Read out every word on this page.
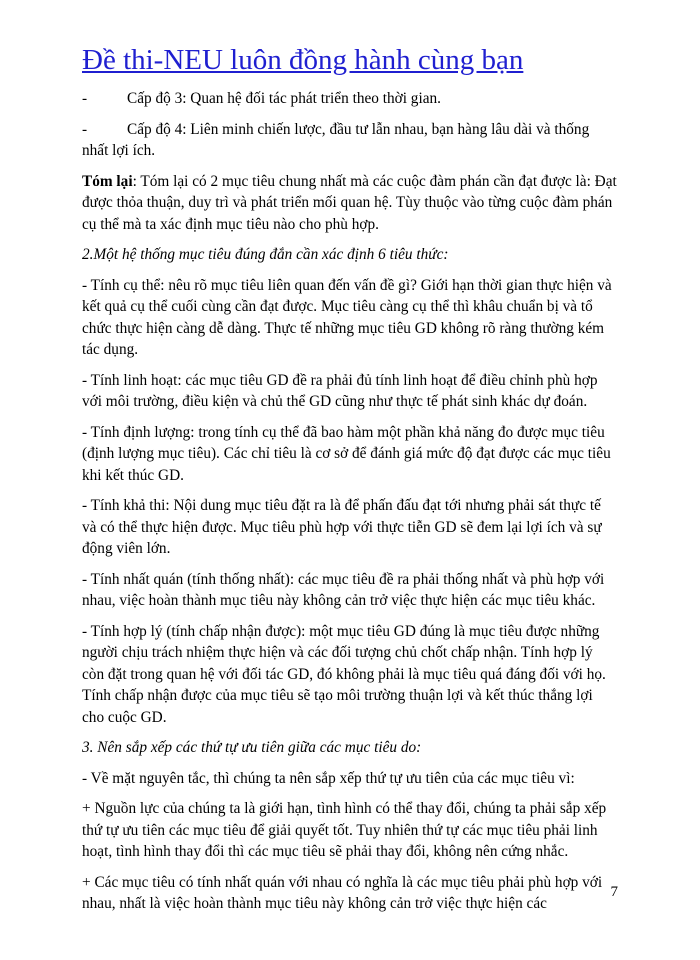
Đề thi-NEU luôn đồng hành cùng bạn

-	Cấp độ 3: Quan hệ đối tác phát triển theo thời gian.

-	Cấp độ 4: Liên minh chiến lược, đầu tư lẫn nhau, bạn hàng lâu dài và thống nhất lợi ích.

Tóm lại: Tóm lại có 2 mục tiêu chung nhất mà các cuộc đàm phán cần đạt được là: Đạt được thỏa thuận, duy trì và phát triển mối quan hệ. Tùy thuộc vào từng cuộc đàm phán cụ thể mà ta xác định mục tiêu nào cho phù hợp.

2.Một hệ thống mục tiêu đúng đắn cần xác định 6 tiêu thức:

- Tính cụ thể: nêu rõ mục tiêu liên quan đến vấn đề gì? Giới hạn thời gian thực hiện và kết quả cụ thể cuối cùng cần đạt được. Mục tiêu càng cụ thể thì khâu chuẩn bị và tổ chức thực hiện càng dễ dàng. Thực tế những mục tiêu GD không rõ ràng thường kém tác dụng.

- Tính linh hoạt: các mục tiêu GD đề ra phải đủ tính linh hoạt để điều chỉnh phù hợp với môi trường, điều kiện và chủ thể GD cũng như thực tế phát sinh khác dự đoán.

- Tính định lượng: trong tính cụ thể đã bao hàm một phần khả năng đo được mục tiêu (định lượng mục tiêu). Các chỉ tiêu là cơ sở để đánh giá mức độ đạt được các mục tiêu khi kết thúc GD.

- Tính khả thi: Nội dung mục tiêu đặt ra là để phấn đấu đạt tới nhưng phải sát thực tế và có thể thực hiện được. Mục tiêu phù hợp với thực tiễn GD sẽ đem lại lợi ích và sự động viên lớn.

- Tính nhất quán (tính thống nhất): các mục tiêu đề ra phải thống nhất và phù hợp với nhau, việc hoàn thành mục tiêu này không cản trở việc thực hiện các mục tiêu khác.

- Tính hợp lý (tính chấp nhận được): một mục tiêu GD đúng là mục tiêu được những người chịu trách nhiệm thực hiện và các đối tượng chủ chốt chấp nhận. Tính hợp lý còn đặt trong quan hệ với đối tác GD, đó không phải là mục tiêu quá đáng đối với họ. Tính chấp nhận được của mục tiêu sẽ tạo môi trường thuận lợi và kết thúc thắng lợi cho cuộc GD.

3. Nên sắp xếp các thứ tự ưu tiên giữa các mục tiêu do:

- Về mặt nguyên tắc, thì chúng ta nên sắp xếp thứ tự ưu tiên của các mục tiêu vì:

+ Nguồn lực của chúng ta là giới hạn, tình hình có thể thay đổi, chúng ta phải sắp xếp thứ tự ưu tiên các mục tiêu để giải quyết tốt. Tuy nhiên thứ tự các mục tiêu phải linh hoạt, tình hình thay đổi thì các mục tiêu sẽ phải thay đổi, không nên cứng nhắc.

+ Các mục tiêu có tính nhất quán với nhau có nghĩa là các mục tiêu phải phù hợp với nhau, nhất là việc hoàn thành mục tiêu này không cản trở việc thực hiện các

7
